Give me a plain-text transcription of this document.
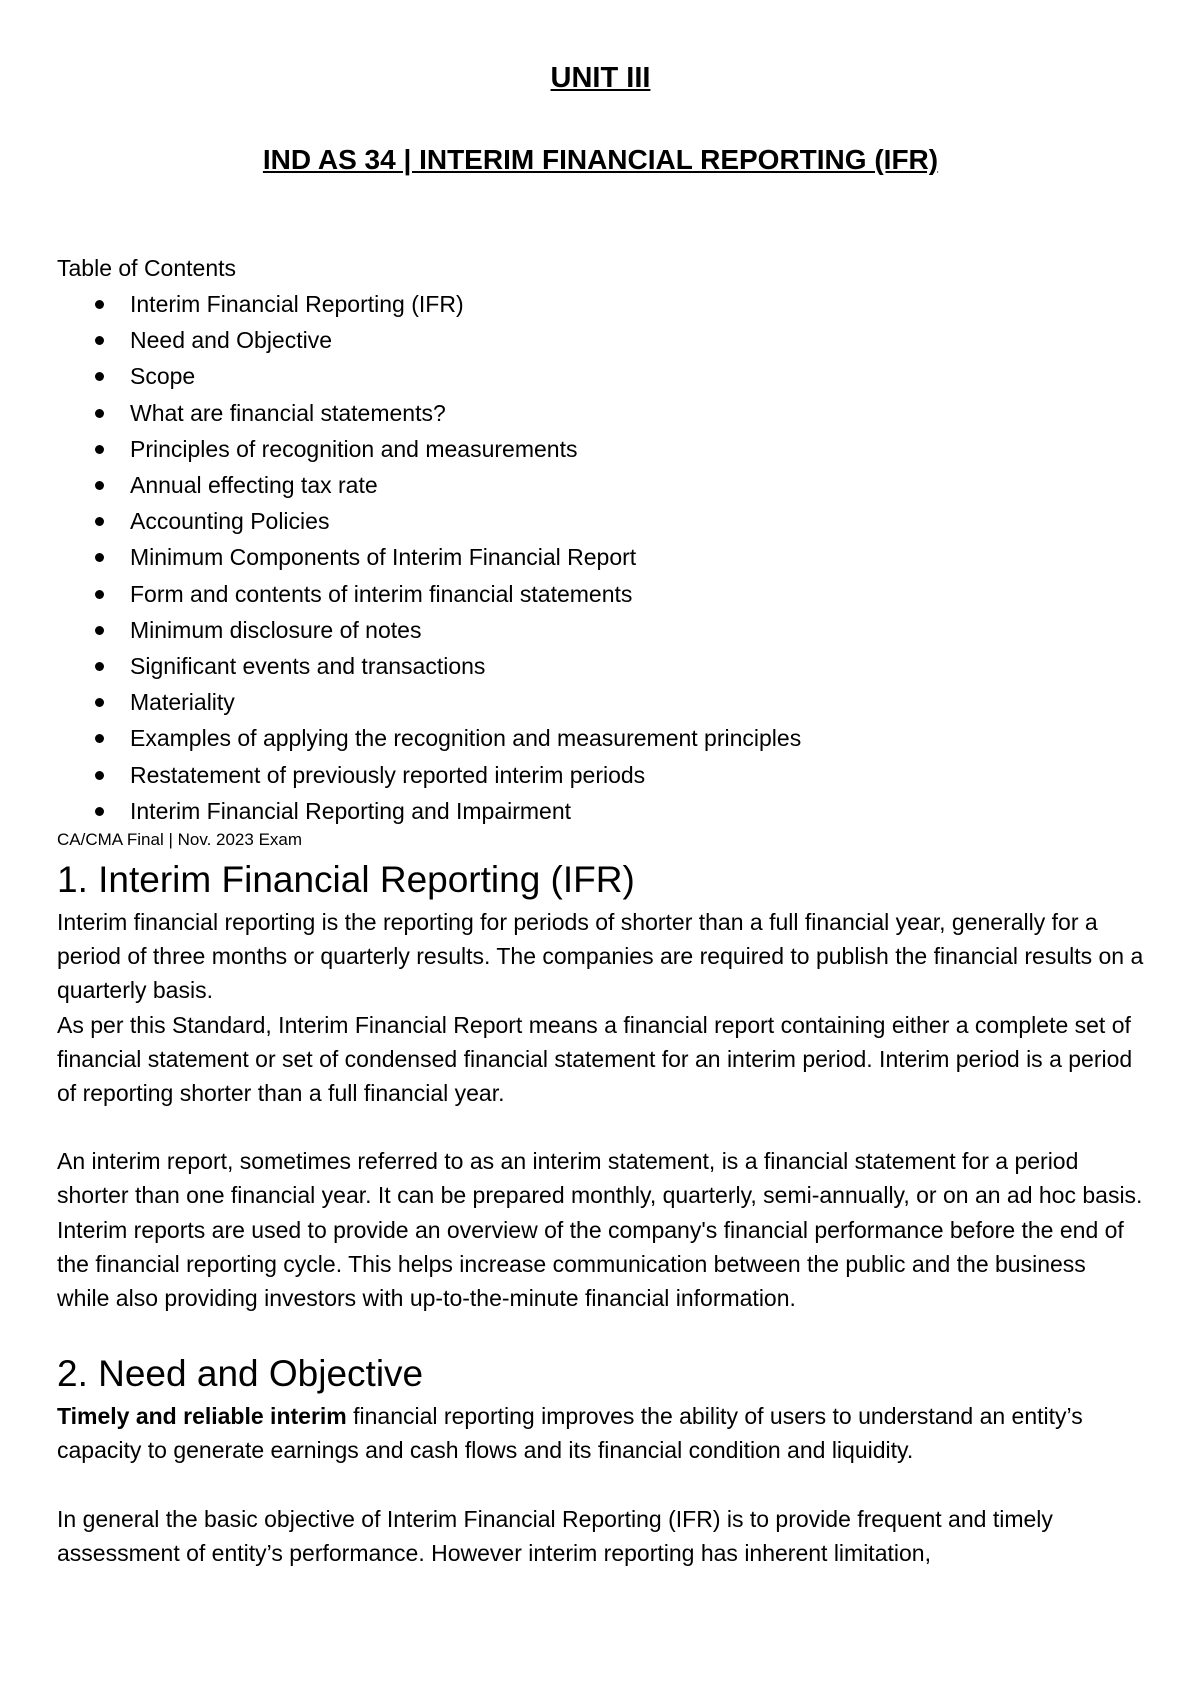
UNIT III
IND AS 34 | INTERIM FINANCIAL REPORTING (IFR)
Table of Contents
Interim Financial Reporting (IFR)
Need and Objective
Scope
What are financial statements?
Principles of recognition and measurements
Annual effecting tax rate
Accounting Policies
Minimum Components of Interim Financial Report
Form and contents of interim financial statements
Minimum disclosure of notes
Significant events and transactions
Materiality
Examples of applying the recognition and measurement principles
Restatement of previously reported interim periods
Interim Financial Reporting and Impairment
CA/CMA Final | Nov. 2023 Exam
1. Interim Financial Reporting (IFR)

Interim financial reporting is the reporting for periods of shorter than a full financial year, generally for a period of three months or quarterly results. The companies are required to publish the financial results on a quarterly basis.

As per this Standard, Interim Financial Report means a financial report containing either a complete set of financial statement or set of condensed financial statement for an interim period. Interim period is a period of reporting shorter than a full financial year.

An interim report, sometimes referred to as an interim statement, is a financial statement for a period shorter than one financial year. It can be prepared monthly, quarterly, semi-annually, or on an ad hoc basis. Interim reports are used to provide an overview of the company's financial performance before the end of the financial reporting cycle. This helps increase communication between the public and the business while also providing investors with up-to-the-minute financial information.

2. Need and Objective

Timely and reliable interim financial reporting improves the ability of users to understand an entity’s capacity to generate earnings and cash flows and its financial condition and liquidity.

In general the basic objective of Interim Financial Reporting (IFR) is to provide frequent and timely assessment of entity’s performance. However interim reporting has inherent limitation,
